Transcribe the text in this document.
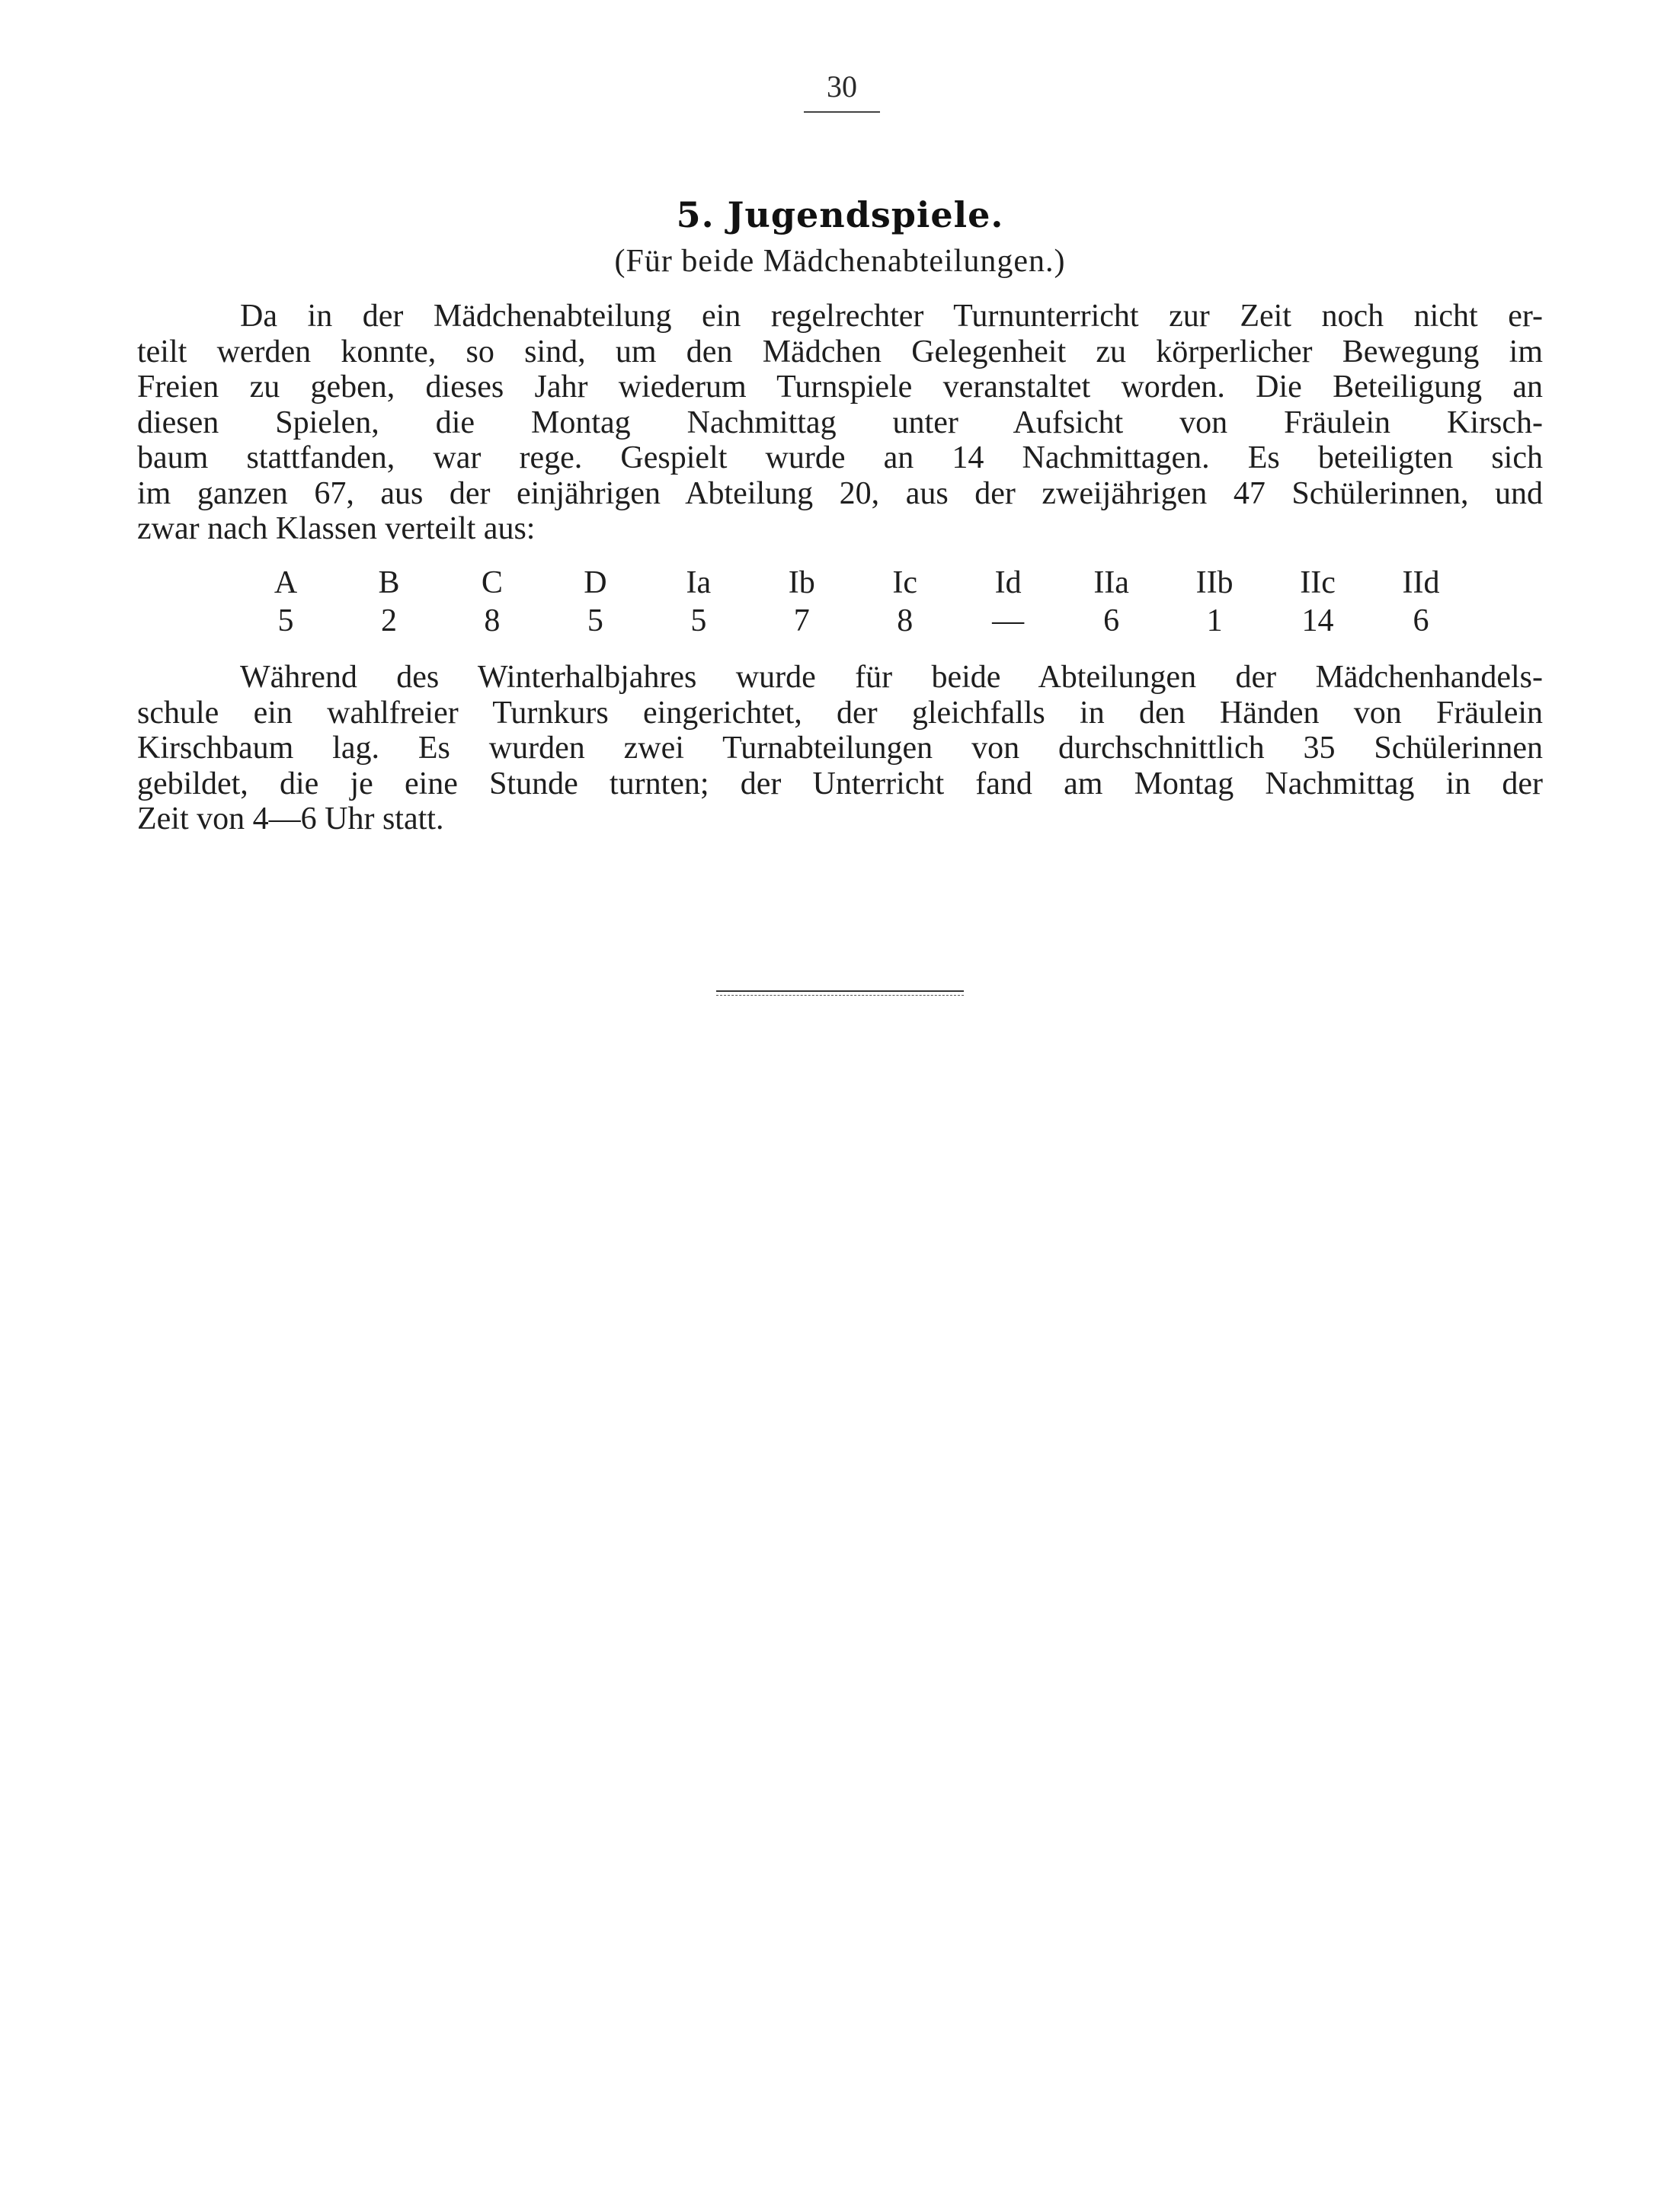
30
5. Jugendspiele.
(Für beide Mädchenabteilungen.)
Da in der Mädchenabteilung ein regelrechter Turnunterricht zur Zeit noch nicht er-
teilt werden konnte, so sind, um den Mädchen Gelegenheit zu körperlicher Bewegung im
Freien zu geben, dieses Jahr wiederum Turnspiele veranstaltet worden. Die Beteiligung an
diesen Spielen, die Montag Nachmittag unter Aufsicht von Fräulein Kirsch-
baum stattfanden, war rege. Gespielt wurde an 14 Nachmittagen. Es beteiligten sich
im ganzen 67, aus der einjährigen Abteilung 20, aus der zweijährigen 47 Schülerinnen, und
zwar nach Klassen verteilt aus:
A	B	C	D	Ia	Ib	Ic	Id	IIa	IIb	IIc	IId
5	2	8	5	5	7	8	—	6	1	14	6
Während des Winterhalbjahres wurde für beide Abteilungen der Mädchenhandels-
schule ein wahlfreier Turnkurs eingerichtet, der gleichfalls in den Händen von Fräulein
Kirschbaum lag. Es wurden zwei Turnabteilungen von durchschnittlich 35 Schülerinnen
gebildet, die je eine Stunde turnten; der Unterricht fand am Montag Nachmittag in der
Zeit von 4—6 Uhr statt.
